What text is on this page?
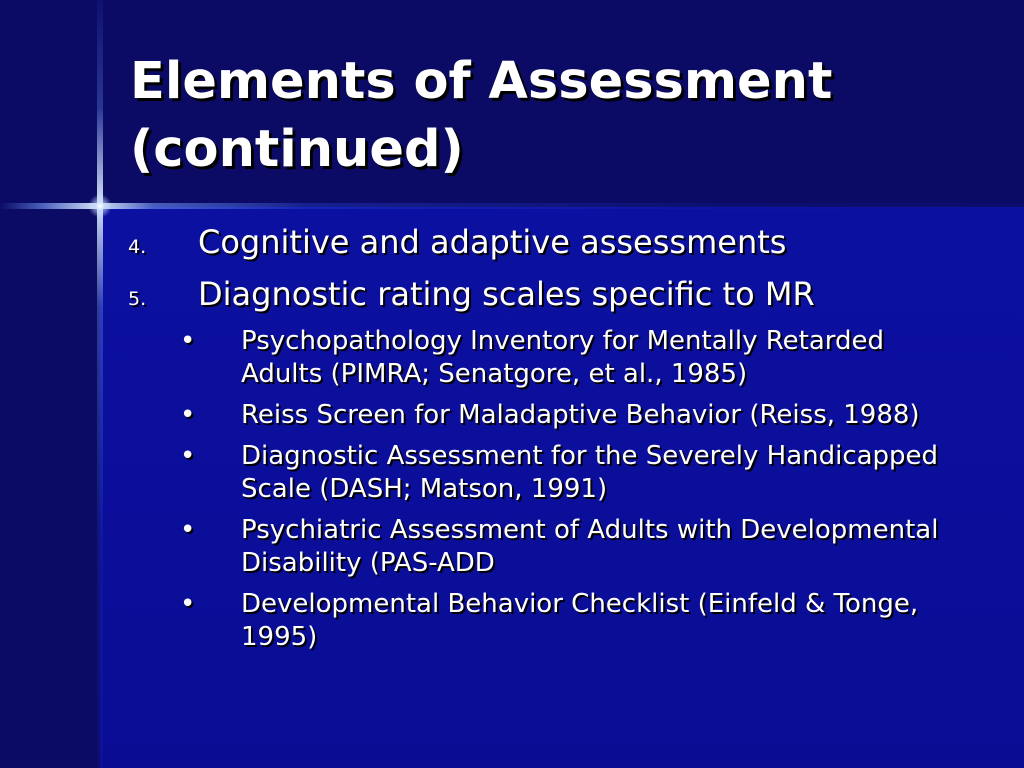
Elements of Assessment (continued)
4.	Cognitive and adaptive assessments
5.	Diagnostic rating scales specific to MR
•	Psychopathology Inventory for Mentally Retarded Adults (PIMRA; Senatgore, et al., 1985)
•	Reiss Screen for Maladaptive Behavior (Reiss, 1988)
•	Diagnostic Assessment for the Severely Handicapped Scale (DASH; Matson, 1991)
•	Psychiatric Assessment of Adults with Developmental Disability (PAS-ADD
•	Developmental Behavior Checklist (Einfeld & Tonge, 1995)
